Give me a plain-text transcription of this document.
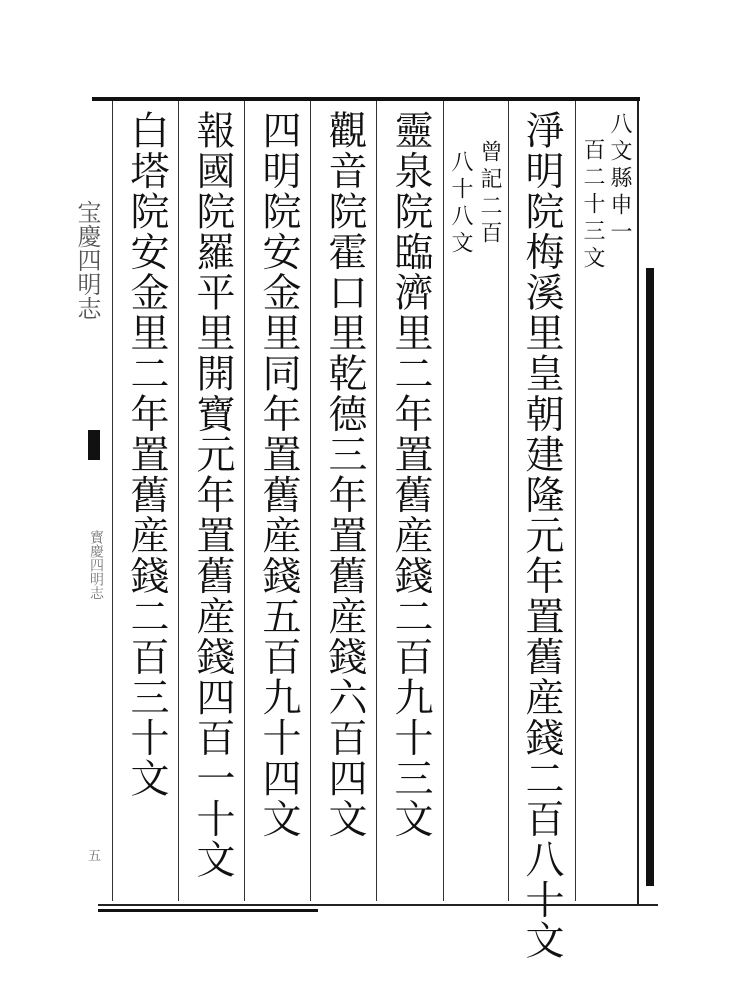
宝慶四明志
寳慶四明志
五
八文縣申一
百二十三文
淨明院梅溪里皇朝建隆元年置舊産錢二百八十文
曾記二百
八十八文
靈泉院臨濟里二年置舊産錢二百九十三文
觀音院霍口里乾德三年置舊産錢六百四文
四明院安金里同年置舊産錢五百九十四文
報國院羅平里開寶元年置舊産錢四百一十文
白塔院安金里二年置舊産錢二百三十文
